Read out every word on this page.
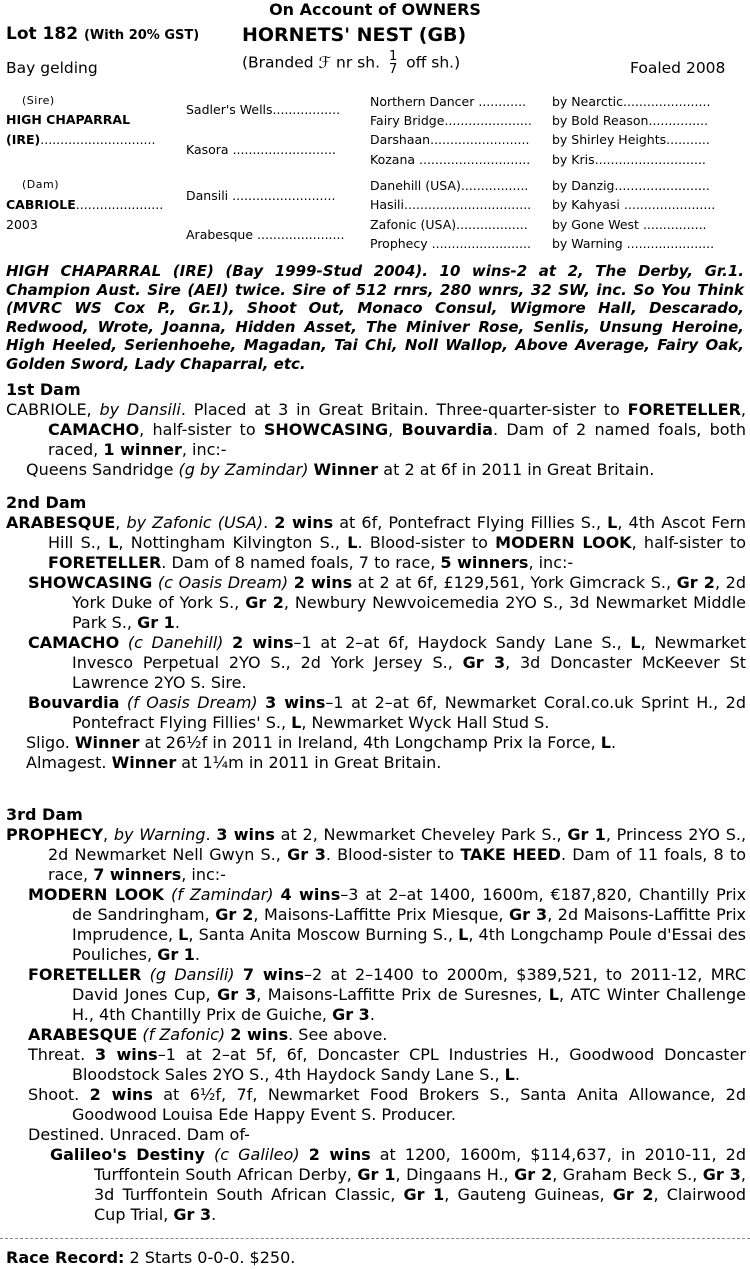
On Account of OWNERS
Lot 182 (With 20% GST) HORNETS' NEST (GB)
Bay gelding	(Branded ℱ nr sh. 1
7 off sh.)	Foaled 2008
(Sire)
HIGH CHAPARRAL
(IRE).............................
(Dam)
CABRIOLE......................
2003
Sadler's Wells.................
Kasora ..........................
Dansili ..........................
Arabesque ......................
Northern Dancer ............
Fairy Bridge......................
Darshaan.........................
Kozana ............................
Danehill (USA).................
Hasili................................
Zafonic (USA)..................
Prophecy .........................
by Nearctic......................
by Bold Reason...............
by Shirley Heights...........
by Kris............................
by Danzig........................
by Kahyasi .......................
by Gone West ................
by Warning ......................
HIGH CHAPARRAL (IRE) (Bay 1999-Stud 2004). 10 wins-2 at 2, The Derby, Gr.1. Champion Aust. Sire (AEI) twice. Sire of 512 rnrs, 280 wnrs, 32 SW, inc. So You Think (MVRC WS Cox P., Gr.1), Shoot Out, Monaco Consul, Wigmore Hall, Descarado, Redwood, Wrote, Joanna, Hidden Asset, The Miniver Rose, Senlis, Unsung Heroine, High Heeled, Serienhoehe, Magadan, Tai Chi, Noll Wallop, Above Average, Fairy Oak, Golden Sword, Lady Chaparral, etc.
1st Dam

CABRIOLE, by Dansili. Placed at 3 in Great Britain. Three-quarter-sister to FORETELLER, CAMACHO, half-sister to SHOWCASING, Bouvardia. Dam of 2 named foals, both raced, 1 winner, inc:-

Queens Sandridge (g by Zamindar) Winner at 2 at 6f in 2011 in Great Britain.

2nd Dam

ARABESQUE, by Zafonic (USA). 2 wins at 6f, Pontefract Flying Fillies S., L, 4th Ascot Fern Hill S., L, Nottingham Kilvington S., L. Blood-sister to MODERN LOOK, half-sister to FORETELLER. Dam of 8 named foals, 7 to race, 5 winners, inc:-

SHOWCASING (c Oasis Dream) 2 wins at 2 at 6f, £129,561, York Gimcrack S., Gr 2, 2d York Duke of York S., Gr 2, Newbury Newvoicemedia 2YO S., 3d Newmarket Middle Park S., Gr 1.

CAMACHO (c Danehill) 2 wins–1 at 2–at 6f, Haydock Sandy Lane S., L, Newmarket Invesco Perpetual 2YO S., 2d York Jersey S., Gr 3, 3d Doncaster McKeever St Lawrence 2YO S. Sire.

Bouvardia (f Oasis Dream) 3 wins–1 at 2–at 6f, Newmarket Coral.co.uk Sprint H., 2d Pontefract Flying Fillies' S., L, Newmarket Wyck Hall Stud S.

Sligo. Winner at 26½f in 2011 in Ireland, 4th Longchamp Prix la Force, L.

Almagest. Winner at 1¼m in 2011 in Great Britain.

3rd Dam

PROPHECY, by Warning. 3 wins at 2, Newmarket Cheveley Park S., Gr 1, Princess 2YO S., 2d Newmarket Nell Gwyn S., Gr 3. Blood-sister to TAKE HEED. Dam of 11 foals, 8 to race, 7 winners, inc:-

MODERN LOOK (f Zamindar) 4 wins–3 at 2–at 1400, 1600m, €187,820, Chantilly Prix de Sandringham, Gr 2, Maisons-Laffitte Prix Miesque, Gr 3, 2d Maisons-Laffitte Prix Imprudence, L, Santa Anita Moscow Burning S., L, 4th Longchamp Poule d'Essai des Pouliches, Gr 1.

FORETELLER (g Dansili) 7 wins–2 at 2–1400 to 2000m, $389,521, to 2011-12, MRC David Jones Cup, Gr 3, Maisons-Laffitte Prix de Suresnes, L, ATC Winter Challenge H., 4th Chantilly Prix de Guiche, Gr 3.

ARABESQUE (f Zafonic) 2 wins. See above.

Threat. 3 wins–1 at 2–at 5f, 6f, Doncaster CPL Industries H., Goodwood Doncaster Bloodstock Sales 2YO S., 4th Haydock Sandy Lane S., L.

Shoot. 2 wins at 6½f, 7f, Newmarket Food Brokers S., Santa Anita Allowance, 2d Goodwood Louisa Ede Happy Event S. Producer.

Destined. Unraced. Dam of-

Galileo's Destiny (c Galileo) 2 wins at 1200, 1600m, $114,637, in 2010-11, 2d Turffontein South African Derby, Gr 1, Dingaans H., Gr 2, Graham Beck S., Gr 3, 3d Turffontein South African Classic, Gr 1, Gauteng Guineas, Gr 2, Clairwood Cup Trial, Gr 3.

Race Record: 2 Starts 0-0-0. $250.
